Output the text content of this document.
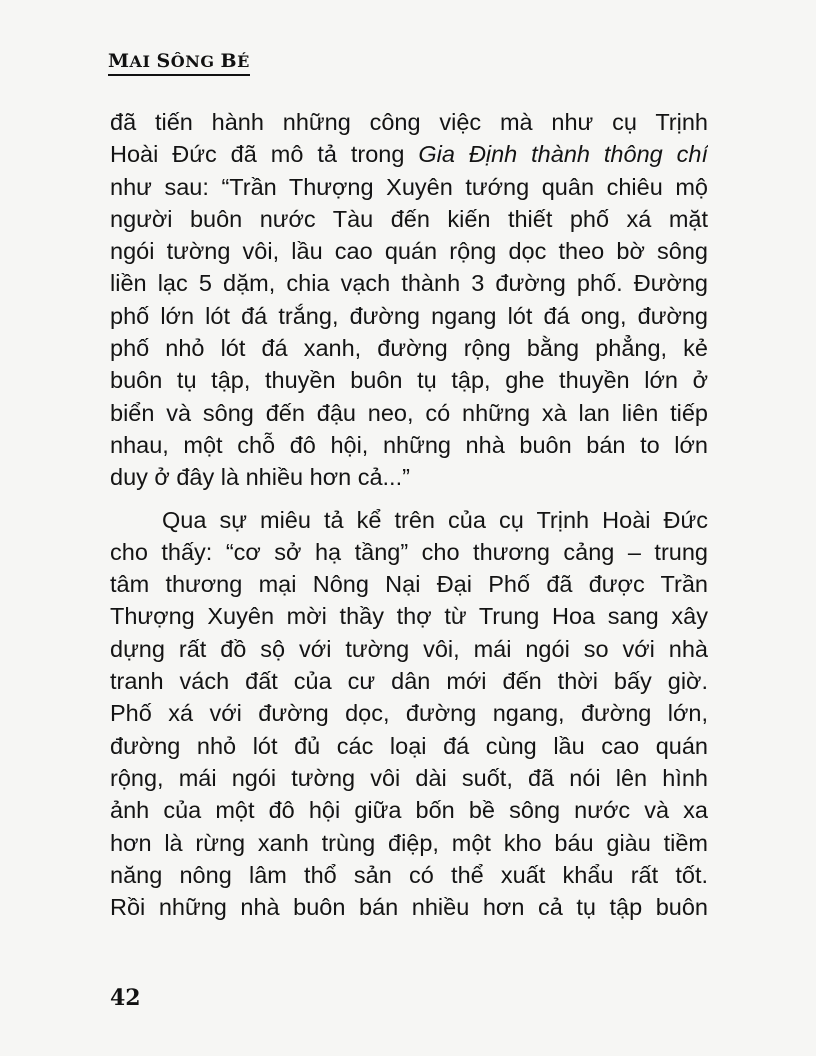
MAI SÔNG BÉ
đã tiến hành những công việc mà như cụ Trịnh
Hoài Đức đã mô tả trong Gia Định thành thông chí
như sau: “Trần Thượng Xuyên tướng quân chiêu mộ
người buôn nước Tàu đến kiến thiết phố xá mặt
ngói tường vôi, lầu cao quán rộng dọc theo bờ sông
liền lạc 5 dặm, chia vạch thành 3 đường phố. Đường
phố lớn lót đá trắng, đường ngang lót đá ong, đường
phố nhỏ lót đá xanh, đường rộng bằng phẳng, kẻ
buôn tụ tập, thuyền buôn tụ tập, ghe thuyền lớn ở
biển và sông đến đậu neo, có những xà lan liên tiếp
nhau, một chỗ đô hội, những nhà buôn bán to lớn
duy ở đây là nhiều hơn cả...”
Qua sự miêu tả kể trên của cụ Trịnh Hoài Đức
cho thấy: “cơ sở hạ tầng” cho thương cảng – trung
tâm thương mại Nông Nại Đại Phố đã được Trần
Thượng Xuyên mời thầy thợ từ Trung Hoa sang xây
dựng rất đồ sộ với tường vôi, mái ngói so với nhà
tranh vách đất của cư dân mới đến thời bấy giờ.
Phố xá với đường dọc, đường ngang, đường lớn,
đường nhỏ lót đủ các loại đá cùng lầu cao quán
rộng, mái ngói tường vôi dài suốt, đã nói lên hình
ảnh của một đô hội giữa bốn bề sông nước và xa
hơn là rừng xanh trùng điệp, một kho báu giàu tiềm
năng nông lâm thổ sản có thể xuất khẩu rất tốt.
Rồi những nhà buôn bán nhiều hơn cả tụ tập buôn
42
